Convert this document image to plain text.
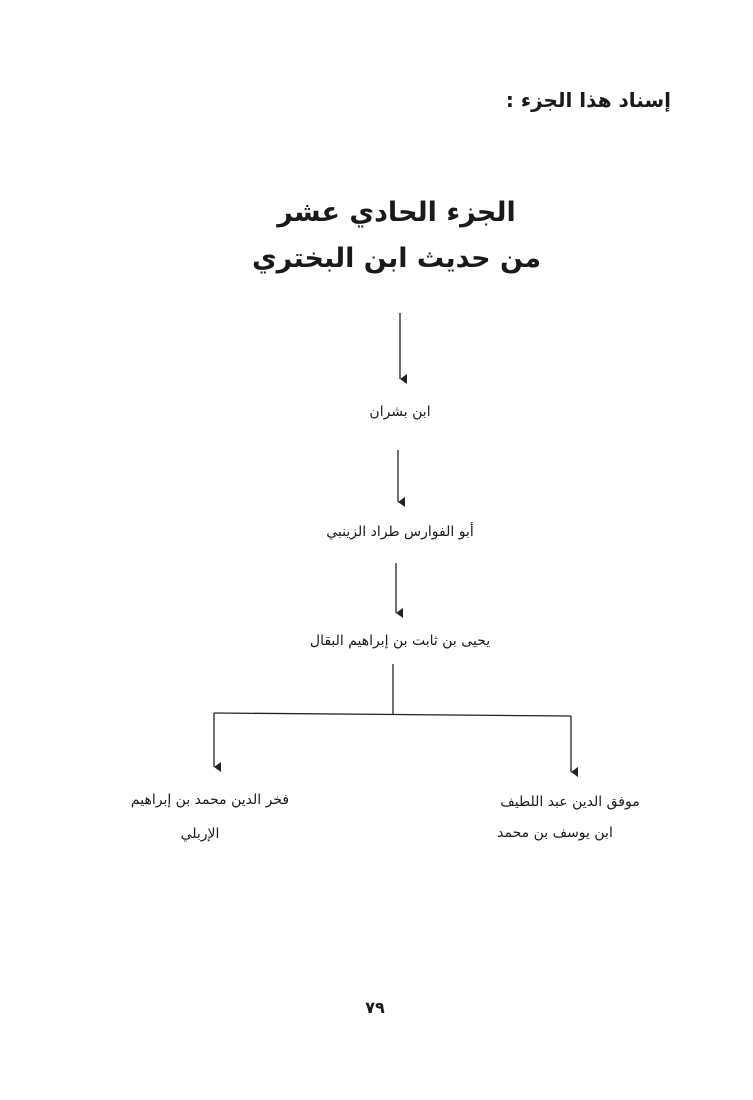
إسناد هذا الجزء :
الجزء الحادي عشر
من حديث ابن البختري
ابن بشران
أبو الفوارس طراد الزينبي
يحيى بن ثابت بن إبراهيم البقال
موفق الدين عبد اللطيف
ابن يوسف بن محمد
فخر الدين محمد بن إبراهيم
الإربلي
٧٩
